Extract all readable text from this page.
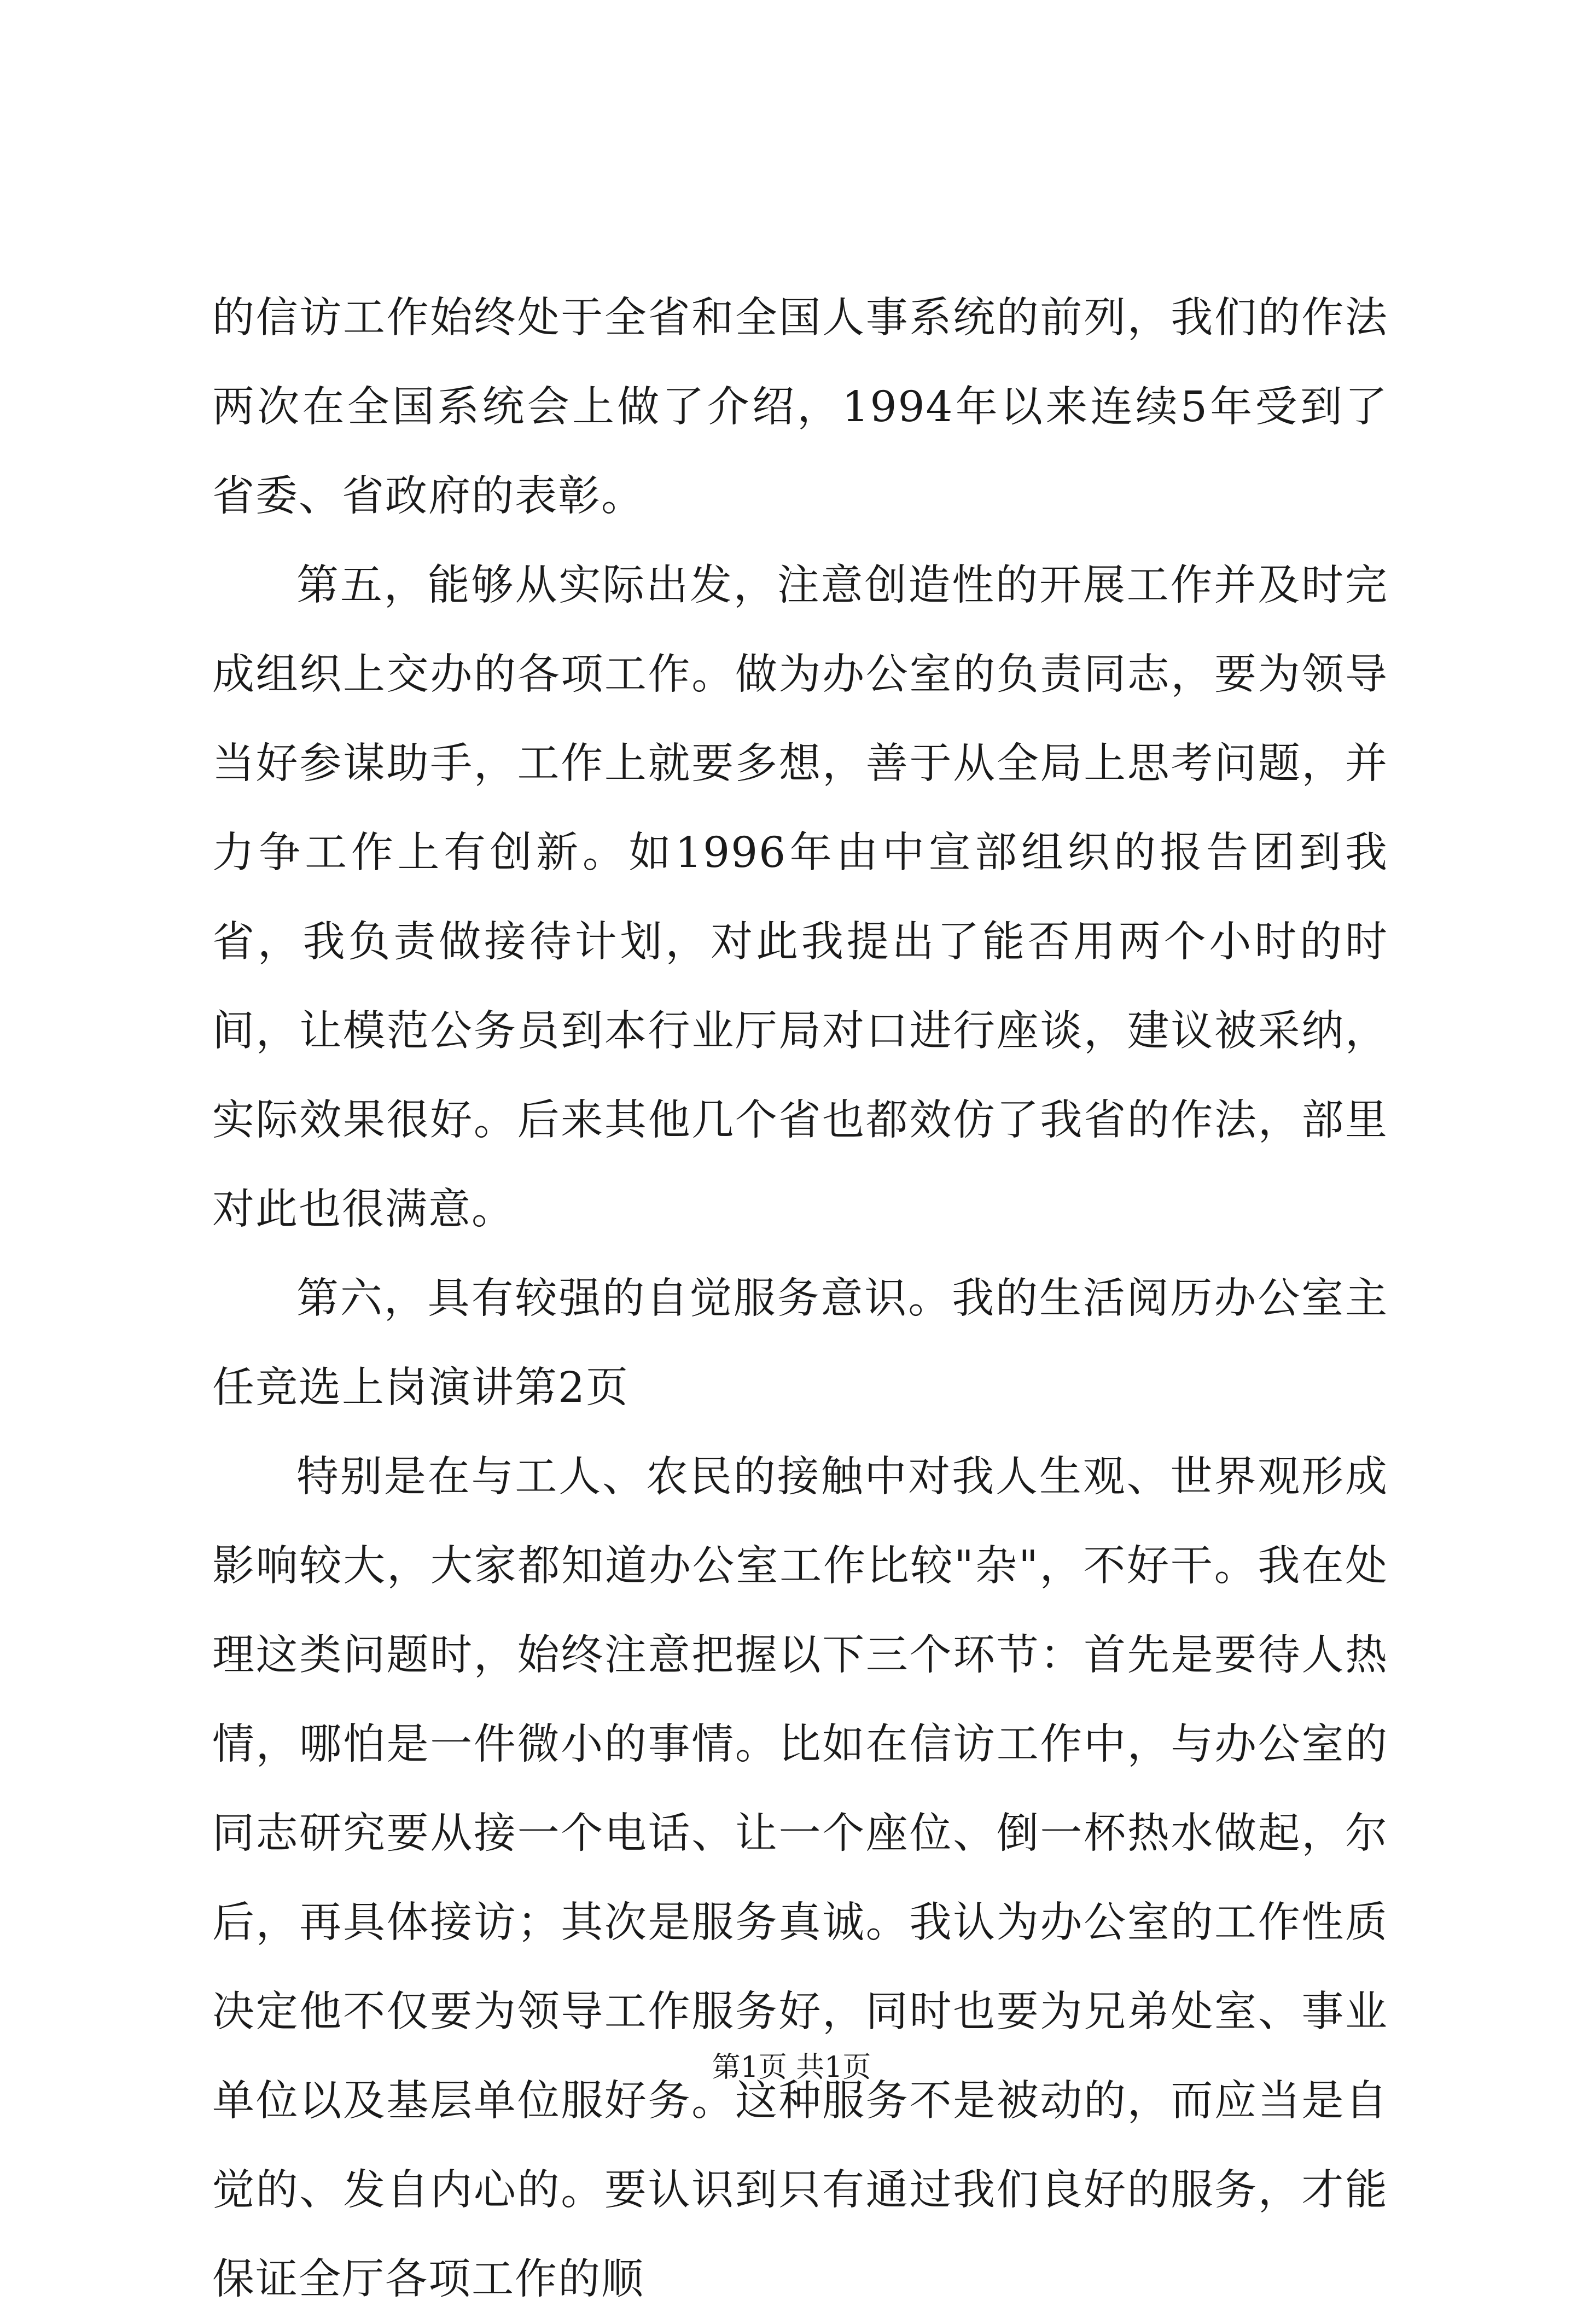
的信访工作始终处于全省和全国人事系统的前列，我们的作法两次在全国系统会上做了介绍，1994年以来连续5年受到了省委、省政府的表彰。

第五，能够从实际出发，注意创造性的开展工作并及时完成组织上交办的各项工作。做为办公室的负责同志，要为领导当好参谋助手，工作上就要多想，善于从全局上思考问题，并力争工作上有创新。如1996年由中宣部组织的报告团到我省，我负责做接待计划，对此我提出了能否用两个小时的时间，让模范公务员到本行业厅局对口进行座谈，建议被采纳，实际效果很好。后来其他几个省也都效仿了我省的作法，部里对此也很满意。

第六，具有较强的自觉服务意识。我的生活阅历办公室主任竞选上岗演讲第2页

特别是在与工人、农民的接触中对我人生观、世界观形成影响较大，大家都知道办公室工作比较"杂"，不好干。我在处理这类问题时，始终注意把握以下三个环节：首先是要待人热情，哪怕是一件微小的事情。比如在信访工作中，与办公室的同志研究要从接一个电话、让一个座位、倒一杯热水做起，尔后，再具体接访；其次是服务真诚。我认为办公室的工作性质决定他不仅要为领导工作服务好，同时也要为兄弟处室、事业单位以及基层单位服好务。这种服务不是被动的，而应当是自觉的、发自内心的。要认识到只有通过我们良好的服务，才能保证全厅各项工作的顺

第1页 共1页
